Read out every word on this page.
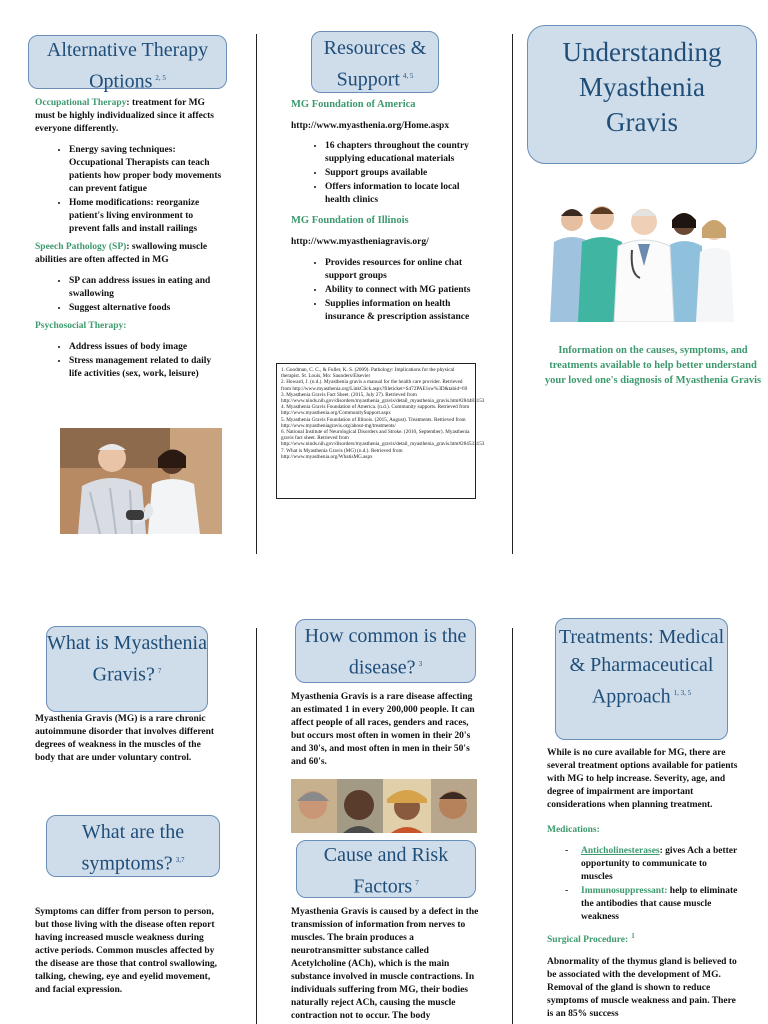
Alternative Therapy Options $^{2, 5}$

Occupational Therapy: treatment for MG must be highly individualized since it affects everyone differently.

• Energy saving techniques: Occupational Therapists can teach patients how proper body movements can prevent fatigue
• Home modifications: reorganize patient's living environment to prevent falls and install railings

Speech Pathology (SP): swallowing muscle abilities are often affected in MG

• SP can address issues in eating and swallowing
• Suggest alternative foods

Psychosocial Therapy:

• Address issues of body image
• Stress management related to daily life activities (sex, work, leisure)
Resources & Support $^{4, 5}$

MG Foundation of America

http://www.myasthenia.org/Home.aspx

• 16 chapters throughout the country supplying educational materials
• Support groups available
• Offers information to locate local health clinics

MG Foundation of Illinois

http://www.myastheniagravis.org/

• Provides resources for online chat support groups
• Ability to connect with MG patients
• Supplies information on health insurance & prescription assistance
1. Goodman, C. C., & Fuller, K. S. (2009). Pathology: Implications for the physical therapist. St. Louis, Mo: Saunders/Elsevier
2. Howard, J. (n.d.). Myasthenia gravis a manual for the health care provider. Retrieved from http://www.myasthenia.org/LinkClick.aspx?fileticket=S472PAE1sw%3D&tabid=69
3. Myasthenia Gravis Fact Sheet. (2015, July 27). Retrieved from http://www.ninds.nih.gov/disorders/myasthenia_gravis/detail_myasthenia_gravis.htm#284483153
4. Myasthenia Gravis Foundation of America. (n.d.). Community supports. Retrieved from http://www.myasthenia.org/CommunitySupport.aspx
5. Myasthenia Gravis Foundation of Illinois. (2015, August). Treatments. Retrieved from http://www.myastheniagravis.org/about-mg/treatments/
6. National Institute of Neurological Disorders and Stroke. (2010, September). Myasthenia gravis fact sheet. Retrieved from http://www.ninds.nih.gov/disorders/myasthenia_gravis/detail_myasthenia_gravis.htm#284533153
7. What is Myasthenia Gravis (MG) (n.d.). Retrieved from http://www.myasthenia.org/WhatisMG.aspx
Understanding Myasthenia Gravis

Information on the causes, symptoms, and treatments available to help better understand your loved one's diagnosis of Myasthenia Gravis

What is Myasthenia Gravis? $^7$

Myasthenia Gravis (MG) is a rare chronic autoimmune disorder that involves different degrees of weakness in the muscles of the body that are under voluntary control.

What are the symptoms? $^{3,7}$

Symptoms can differ from person to person, but those living with the disease often report having increased muscle weakness during active periods. Common muscles affected by the disease are those that control swallowing, talking, chewing, eye and eyelid movement, and facial expression.

How common is the disease? $^3$

Myasthenia Gravis is a rare disease affecting an estimated 1 in every 200,000 people. It can affect people of all races, genders and races, but occurs most often in women in their 20's and 30's, and most often in men in their 50's and 60's.

Cause and Risk Factors $^7$

Myasthenia Gravis is caused by a defect in the transmission of information from nerves to muscles. The brain produces a neurotransmitter substance called Acetylcholine (ACh), which is the main substance involved in muscle contractions. In individuals suffering from MG, their bodies naturally reject ACh, causing the muscle contraction not to occur. The body

Treatments: Medical & Pharmaceutical Approach $^{1, 3, 5}$

While is no cure available for MG, there are several treatment options available for patients with MG to help increase. Severity, age, and degree of impairment are important considerations when planning treatment.

Medications:

- Anticholinesterases: gives Ach a better opportunity to communicate to muscles
- Immunosuppressant: help to eliminate the antibodies that cause muscle weakness

Surgical Procedure: $^1$

Abnormality of the thymus gland is believed to be associated with the development of MG. Removal of the gland is shown to reduce symptoms of muscle weakness and pain. There is an 85% success
